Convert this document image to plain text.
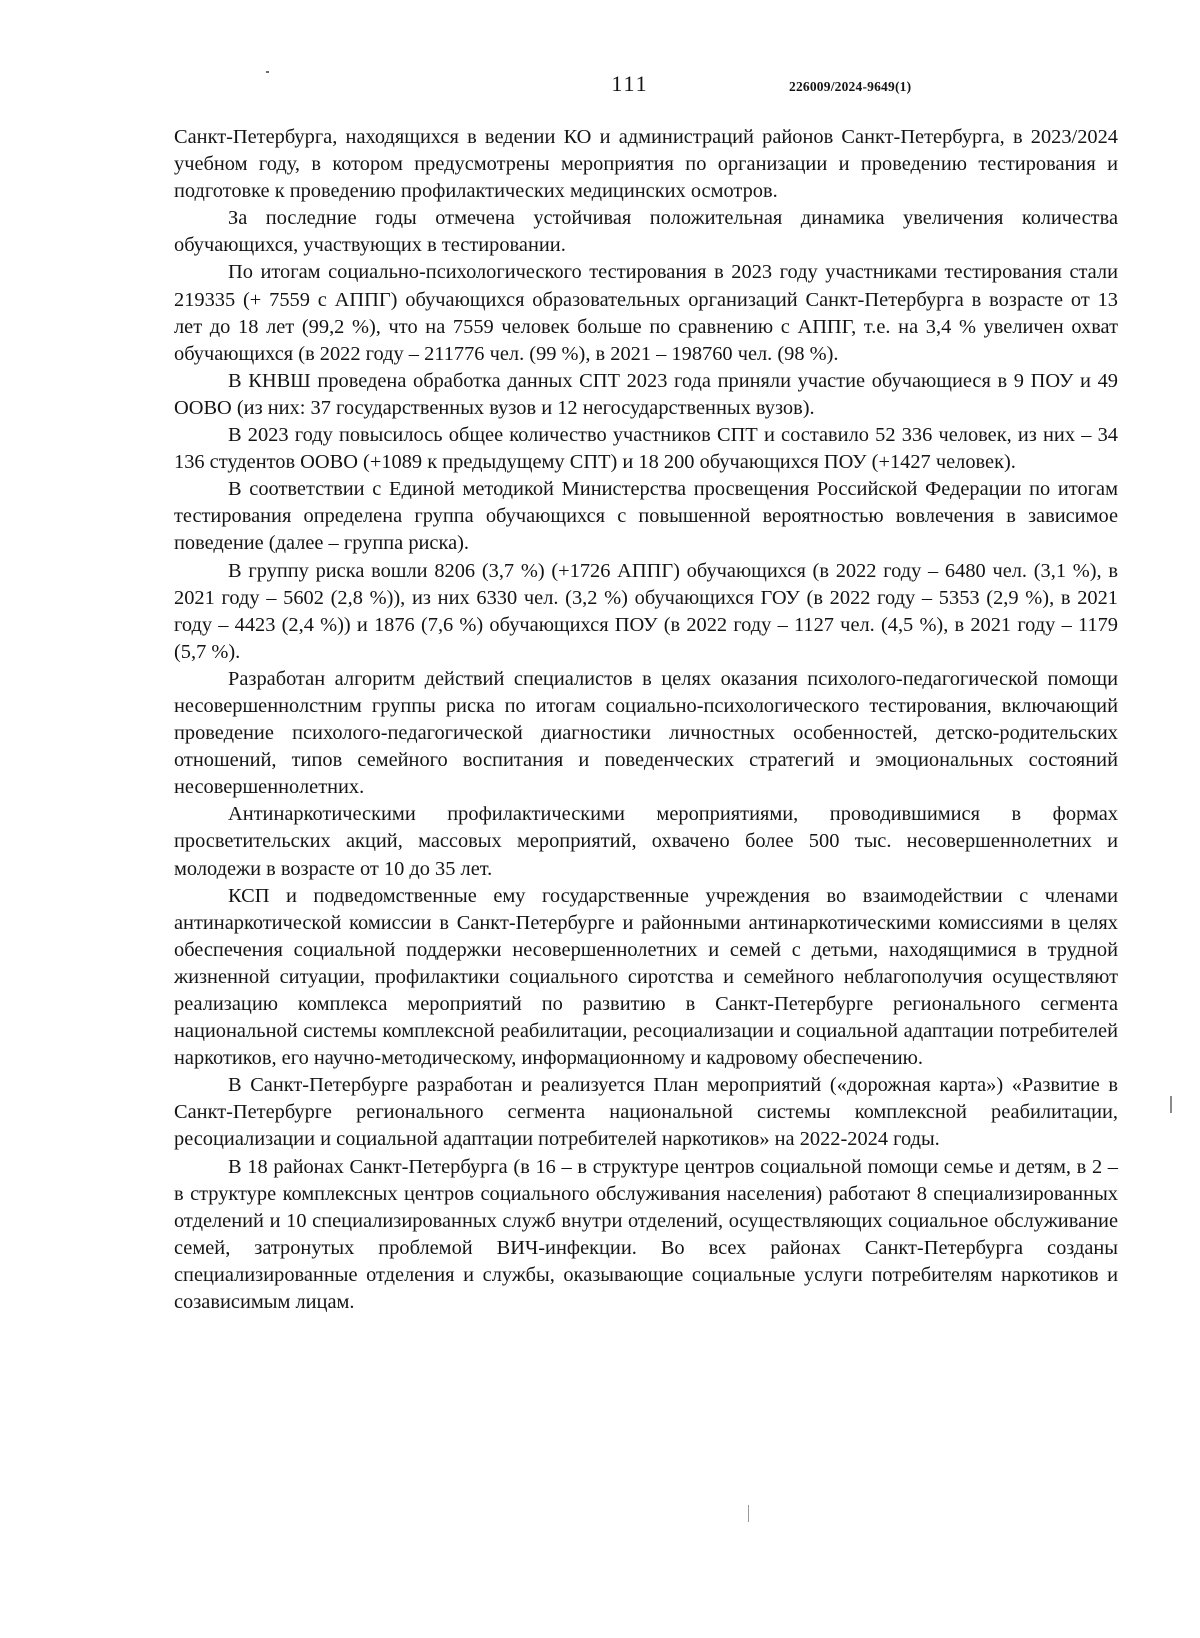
111	226009/2024-9649(1)

Санкт-Петербурга, находящихся в ведении КО и администраций районов Санкт-Петербурга, в 2023/2024 учебном году, в котором предусмотрены мероприятия по организации и проведению тестирования и подготовке к проведению профилактических медицинских осмотров.

За последние годы отмечена устойчивая положительная динамика увеличения количества обучающихся, участвующих в тестировании.

По итогам социально-психологического тестирования в 2023 году участниками тестирования стали 219335 (+ 7559 с АППГ) обучающихся образовательных организаций Санкт-Петербурга в возрасте от 13 лет до 18 лет (99,2 %), что на 7559 человек больше по сравнению с АППГ, т.е. на 3,4 % увеличен охват обучающихся (в 2022 году – 211776 чел. (99 %), в 2021 – 198760 чел. (98 %).

В КНВШ проведена обработка данных СПТ 2023 года приняли участие обучающиеся в 9 ПОУ и 49 ООВО (из них: 37 государственных вузов и 12 негосударственных вузов).

В 2023 году повысилось общее количество участников СПТ и составило 52 336 человек, из них – 34 136 студентов ООВО (+1089 к предыдущему СПТ) и 18 200 обучающихся ПОУ (+1427 человек).

В соответствии с Единой методикой Министерства просвещения Российской Федерации по итогам тестирования определена группа обучающихся с повышенной вероятностью вовлечения в зависимое поведение (далее – группа риска).

В группу риска вошли 8206 (3,7 %) (+1726 АППГ) обучающихся (в 2022 году – 6480 чел. (3,1 %), в 2021 году – 5602 (2,8 %)), из них 6330 чел. (3,2 %) обучающихся ГОУ (в 2022 году – 5353 (2,9 %), в 2021 году – 4423 (2,4 %)) и 1876 (7,6 %) обучающихся ПОУ (в 2022 году – 1127 чел. (4,5 %), в 2021 году – 1179 (5,7 %).

Разработан алгоритм действий специалистов в целях оказания психолого-педагогической помощи несовершеннолстним группы риска по итогам социально-психологического тестирования, включающий проведение психолого-педагогической диагностики личностных особенностей, детско-родительских отношений, типов семейного воспитания и поведенческих стратегий и эмоциональных состояний несовершеннолетних.

Антинаркотическими профилактическими мероприятиями, проводившимися в формах просветительских акций, массовых мероприятий, охвачено более 500 тыс. несовершеннолетних и молодежи в возрасте от 10 до 35 лет.

КСП и подведомственные ему государственные учреждения во взаимодействии с членами антинаркотической комиссии в Санкт-Петербурге и районными антинаркотическими комиссиями в целях обеспечения социальной поддержки несовершеннолетних и семей с детьми, находящимися в трудной жизненной ситуации, профилактики социального сиротства и семейного неблагополучия осуществляют реализацию комплекса мероприятий по развитию в Санкт-Петербурге регионального сегмента национальной системы комплексной реабилитации, ресоциализации и социальной адаптации потребителей наркотиков, его научно-методическому, информационному и кадровому обеспечению.

В Санкт-Петербурге разработан и реализуется План мероприятий («дорожная карта») «Развитие в Санкт-Петербурге регионального сегмента национальной системы комплексной реабилитации, ресоциализации и социальной адаптации потребителей наркотиков» на 2022-2024 годы.

В 18 районах Санкт-Петербурга (в 16 – в структуре центров социальной помощи семье и детям, в 2 – в структуре комплексных центров социального обслуживания населения) работают 8 специализированных отделений и 10 специализированных служб внутри отделений, осуществляющих социальное обслуживание семей, затронутых проблемой ВИЧ-инфекции. Во всех районах Санкт-Петербурга созданы специализированные отделения и службы, оказывающие социальные услуги потребителям наркотиков и созависимым лицам.
